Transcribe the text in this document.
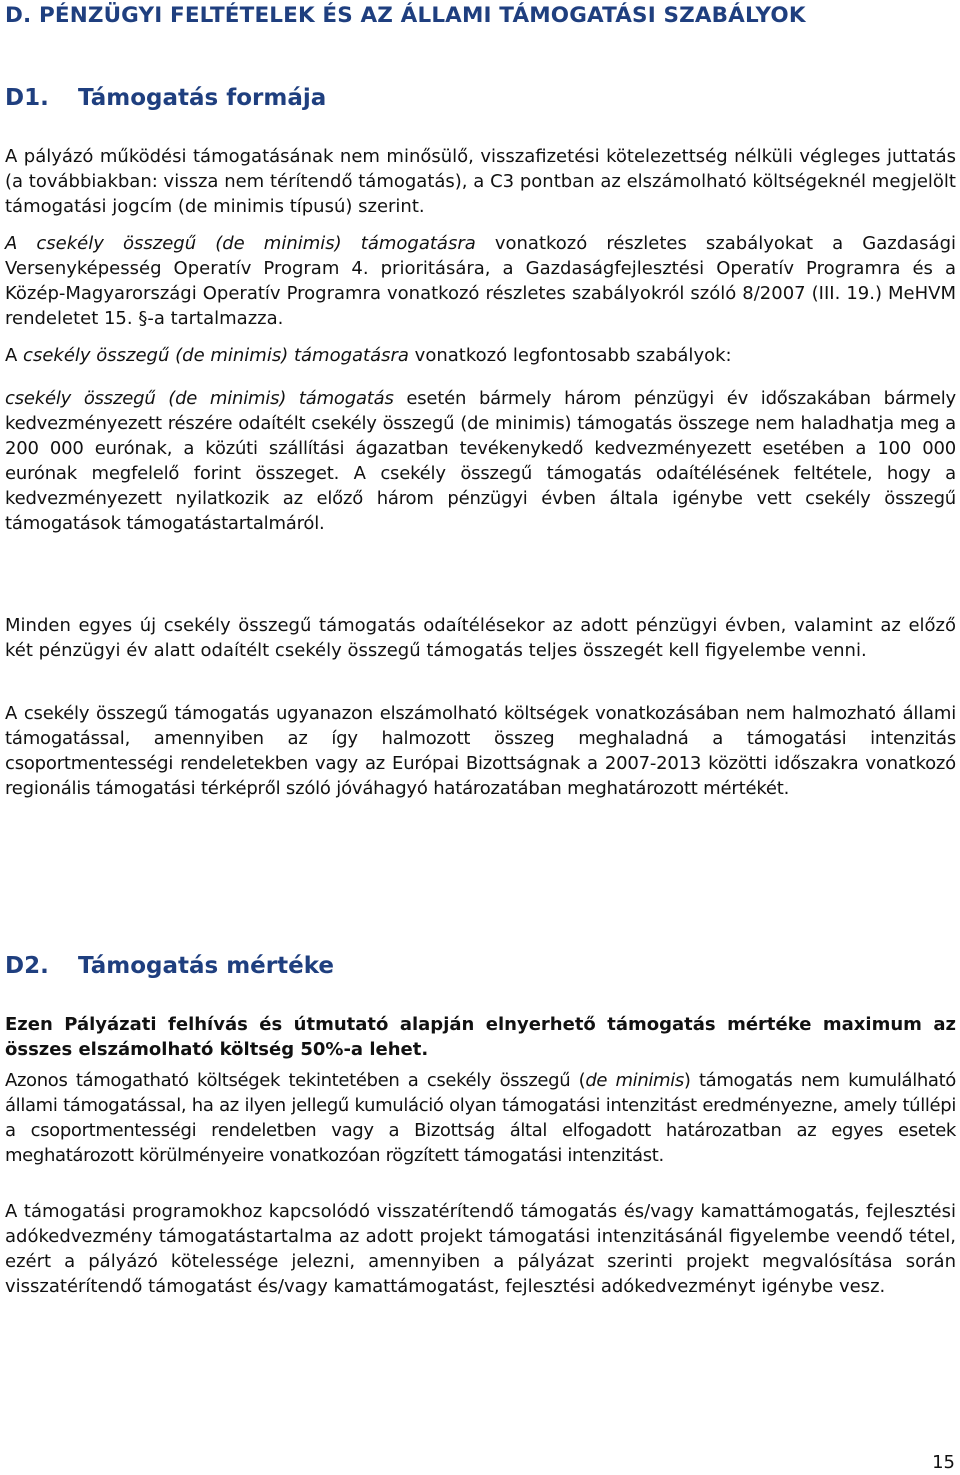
D. PÉNZÜGYI FELTÉTELEK ÉS AZ ÁLLAMI TÁMOGATÁSI SZABÁLYOK
D1. Támogatás formája

A pályázó működési támogatásának nem minősülő, visszafizetési kötelezettség nélküli végleges juttatás (a továbbiakban: vissza nem térítendő támogatás), a C3 pontban az elszámolható költségeknél megjelölt támogatási jogcím (de minimis típusú) szerint.

A csekély összegű (de minimis) támogatásra vonatkozó részletes szabályokat a Gazdasági Versenyképesség Operatív Program 4. prioritására, a Gazdaságfejlesztési Operatív Programra és a Közép-Magyarországi Operatív Programra vonatkozó részletes szabályokról szóló 8/2007 (III. 19.) MeHVM rendeletet 15. §-a tartalmazza.

A csekély összegű (de minimis) támogatásra vonatkozó legfontosabb szabályok:

csekély összegű (de minimis) támogatás esetén bármely három pénzügyi év időszakában bármely kedvezményezett részére odaítélt csekély összegű (de minimis) támogatás összege nem haladhatja meg a 200 000 eurónak, a közúti szállítási ágazatban tevékenykedő kedvezményezett esetében a 100 000 eurónak megfelelő forint összeget. A csekély összegű támogatás odaítélésének feltétele, hogy a kedvezményezett nyilatkozik az előző három pénzügyi évben általa igénybe vett csekély összegű támogatások támogatástartalmáról.

Minden egyes új csekély összegű támogatás odaítélésekor az adott pénzügyi évben, valamint az előző két pénzügyi év alatt odaítélt csekély összegű támogatás teljes összegét kell figyelembe venni.

A csekély összegű támogatás ugyanazon elszámolható költségek vonatkozásában nem halmozható állami támogatással, amennyiben az így halmozott összeg meghaladná a támogatási intenzitás csoportmentességi rendeletekben vagy az Európai Bizottságnak a 2007-2013 közötti időszakra vonatkozó regionális támogatási térképről szóló jóváhagyó határozatában meghatározott mértékét.

D2. Támogatás mértéke

Ezen Pályázati felhívás és útmutató alapján elnyerhető támogatás mértéke maximum az összes elszámolható költség 50%-a lehet.

Azonos támogatható költségek tekintetében a csekély összegű (de minimis) támogatás nem kumulálható állami támogatással, ha az ilyen jellegű kumuláció olyan támogatási intenzitást eredményezne, amely túllépi a csoportmentességi rendeletben vagy a Bizottság által elfogadott határozatban az egyes esetek meghatározott körülményeire vonatkozóan rögzített támogatási intenzitást.

A támogatási programokhoz kapcsolódó visszatérítendő támogatás és/vagy kamattámogatás, fejlesztési adókedvezmény támogatástartalma az adott projekt támogatási intenzitásánál figyelembe veendő tétel, ezért a pályázó kötelessége jelezni, amennyiben a pályázat szerinti projekt megvalósítása során visszatérítendő támogatást és/vagy kamattámogatást, fejlesztési adókedvezményt igénybe vesz.

15
